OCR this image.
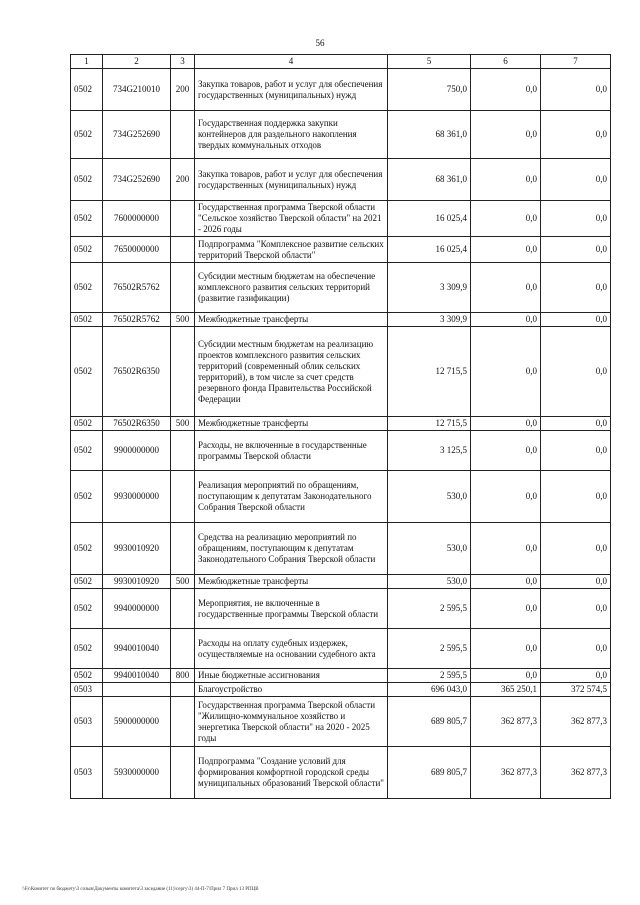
56
1	2	3	4	5	6	7
0502	734G210010	200	Закупка товаров, работ и услуг для обеспечения государственных (муниципальных) нужд	750,0	0,0	0,0
0502	734G252690		Государственная поддержка закупки контейнеров для раздельного накопления твердых коммунальных отходов	68 361,0	0,0	0,0
0502	734G252690	200	Закупка товаров, работ и услуг для обеспечения государственных (муниципальных) нужд	68 361,0	0,0	0,0
0502	7600000000		Государственная программа Тверской области "Сельское хозяйство Тверской области" на 2021 - 2026 годы	16 025,4	0,0	0,0
0502	7650000000		Подпрограмма "Комплексное развитие сельских территорий Тверской области"	16 025,4	0,0	0,0
0502	76502R5762		Субсидии местным бюджетам на обеспечение комплексного развития сельских территорий (развитие газификации)	3 309,9	0,0	0,0
0502	76502R5762	500	Межбюджетные трансферты	3 309,9	0,0	0,0
0502	76502R6350		Субсидии местным бюджетам на реализацию проектов комплексного развития сельских территорий (современный облик сельских территорий), в том числе за счет средств резервного фонда Правительства Российской Федерации	12 715,5	0,0	0,0
0502	76502R6350	500	Межбюджетные трансферты	12 715,5	0,0	0,0
0502	9900000000		Расходы, не включенные в государственные программы Тверской области	3 125,5	0,0	0,0
0502	9930000000		Реализация мероприятий по обращениям, поступающим к депутатам Законодательного Собрания Тверской области	530,0	0,0	0,0
0502	9930010920		Средства на реализацию мероприятий по обращениям, поступающим к депутатам Законодательного Собрания Тверской области	530,0	0,0	0,0
0502	9930010920	500	Межбюджетные трансферты	530,0	0,0	0,0
0502	9940000000		Мероприятия, не включенные в государственные программы Тверской области	2 595,5	0,0	0,0
0502	9940010040		Расходы на оплату судебных издержек, осуществляемые на основании судебного акта	2 595,5	0,0	0,0
0502	9940010040	800	Иные бюджетные ассигнования	2 595,5	0,0	0,0
0503			Благоустройство	696 043,0	365 250,1	372 574,5
0503	5900000000		Государственная программа Тверской области "Жилищно-коммунальное хозяйство и энергетика Тверской области" на 2020 - 2025 годы	689 805,7	362 877,3	362 877,3
0503	5930000000		Подпрограмма "Создание условий для формирования комфортной городской среды муниципальных образований Тверской области"	689 805,7	362 877,3	362 877,3
\\Fs\Комитет по бюджету\3 созыв\Документы комитета\3 заседание (11)\сергу\3) 44-П-7\Прил 7 Прил 13 РПЦВ
